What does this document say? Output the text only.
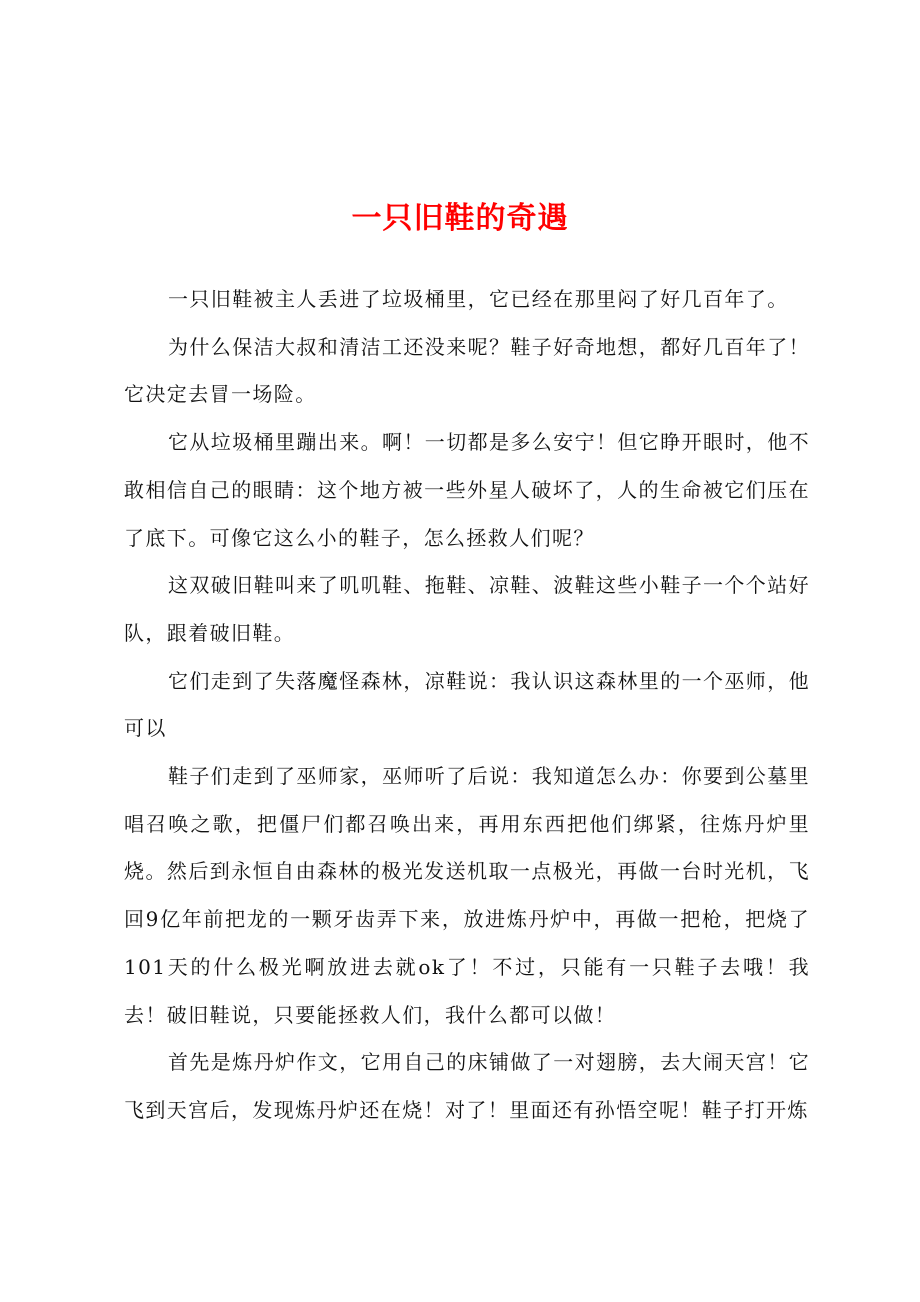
一只旧鞋的奇遇

一只旧鞋被主人丢进了垃圾桶里，它已经在那里闷了好几百年了。

为什么保洁大叔和清洁工还没来呢？鞋子好奇地想，都好几百年了！它决定去冒一场险。

它从垃圾桶里蹦出来。啊！一切都是多么安宁！但它睁开眼时，他不敢相信自己的眼睛：这个地方被一些外星人破坏了，人的生命被它们压在了底下。可像它这么小的鞋子，怎么拯救人们呢？

这双破旧鞋叫来了叽叽鞋、拖鞋、凉鞋、波鞋这些小鞋子一个个站好队，跟着破旧鞋。

它们走到了失落魔怪森林，凉鞋说：我认识这森林里的一个巫师，他可以

鞋子们走到了巫师家，巫师听了后说：我知道怎么办：你要到公墓里唱召唤之歌，把僵尸们都召唤出来，再用东西把他们绑紧，往炼丹炉里烧。然后到永恒自由森林的极光发送机取一点极光，再做一台时光机，飞回9亿年前把龙的一颗牙齿弄下来，放进炼丹炉中，再做一把枪，把烧了101天的什么极光啊放进去就ok了！不过，只能有一只鞋子去哦！我去！破旧鞋说，只要能拯救人们，我什么都可以做！

首先是炼丹炉作文，它用自己的床铺做了一对翅膀，去大闹天宫！它飞到天宫后，发现炼丹炉还在烧！对了！里面还有孙悟空呢！鞋子打开炼
